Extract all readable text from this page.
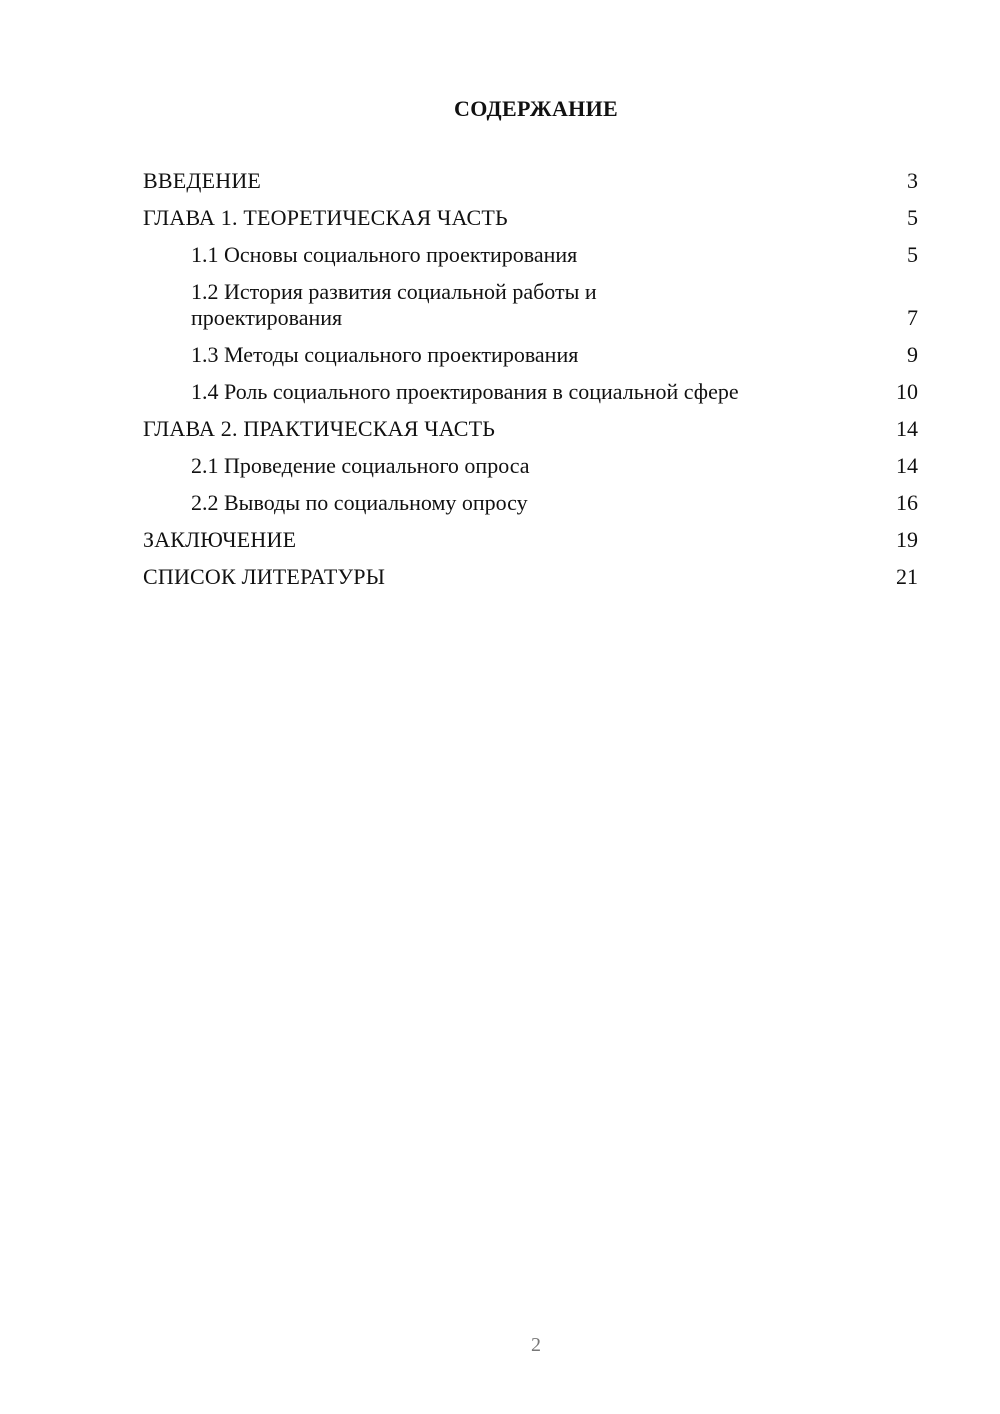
СОДЕРЖАНИЕ
ВВЕДЕНИЕ	3
ГЛАВА 1. ТЕОРЕТИЧЕСКАЯ ЧАСТЬ	5
1.1 Основы социального проектирования	5
1.2 История развития социальной работы и проектирования	7
1.3 Методы социального проектирования	9
1.4 Роль социального проектирования в социальной сфере	10
ГЛАВА 2. ПРАКТИЧЕСКАЯ ЧАСТЬ	14
2.1 Проведение социального опроса	14
2.2 Выводы по социальному опросу	16
ЗАКЛЮЧЕНИЕ	19
СПИСОК ЛИТЕРАТУРЫ	21
2
